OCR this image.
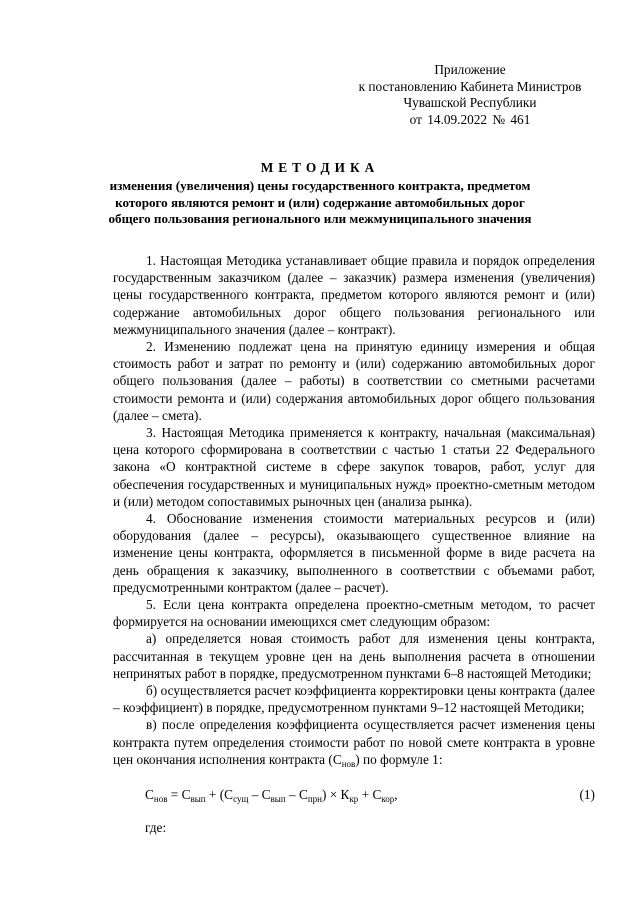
Приложение
к постановлению Кабинета Министров
Чувашской Республики
от 14.09.2022 № 461
МЕТОДИКА
изменения (увеличения) цены государственного контракта, предметом
которого являются ремонт и (или) содержание автомобильных дорог
общего пользования регионального или межмуниципального значения

1. Настоящая Методика устанавливает общие правила и порядок определения государственным заказчиком (далее – заказчик) размера изменения (увеличения) цены государственного контракта, предметом которого являются ремонт и (или) содержание автомобильных дорог общего пользования регионального или межмуниципального значения (далее – контракт).

2. Изменению подлежат цена на принятую единицу измерения и общая стоимость работ и затрат по ремонту и (или) содержанию автомобильных дорог общего пользования (далее – работы) в соответствии со сметными расчетами стоимости ремонта и (или) содержания автомобильных дорог общего пользования (далее – смета).

3. Настоящая Методика применяется к контракту, начальная (максимальная) цена которого сформирована в соответствии с частью 1 статьи 22 Федерального закона «О контрактной системе в сфере закупок товаров, работ, услуг для обеспечения государственных и муниципальных нужд» проектно-сметным методом и (или) методом сопоставимых рыночных цен (анализа рынка).

4. Обоснование изменения стоимости материальных ресурсов и (или) оборудования (далее – ресурсы), оказывающего существенное влияние на изменение цены контракта, оформляется в письменной форме в виде расчета на день обращения к заказчику, выполненного в соответствии с объемами работ, предусмотренными контрактом (далее – расчет).

5. Если цена контракта определена проектно-сметным методом, то расчет формируется на основании имеющихся смет следующим образом:

а) определяется новая стоимость работ для изменения цены контракта, рассчитанная в текущем уровне цен на день выполнения расчета в отношении непринятых работ в порядке, предусмотренном пунктами 6–8 настоящей Методики;

б) осуществляется расчет коэффициента корректировки цены контракта (далее – коэффициент) в порядке, предусмотренном пунктами 9–12 настоящей Методики;

в) после определения коэффициента осуществляется расчет изменения цены контракта путем определения стоимости работ по новой смете контракта в уровне цен окончания исполнения контракта $(С_{нов})$ по формуле 1:

$С_{нов} = С_{вып} + (С_{сущ} - С_{вып} - С_{прн}) \times К_{кр} + С_{кор}$,	(1)
где:
